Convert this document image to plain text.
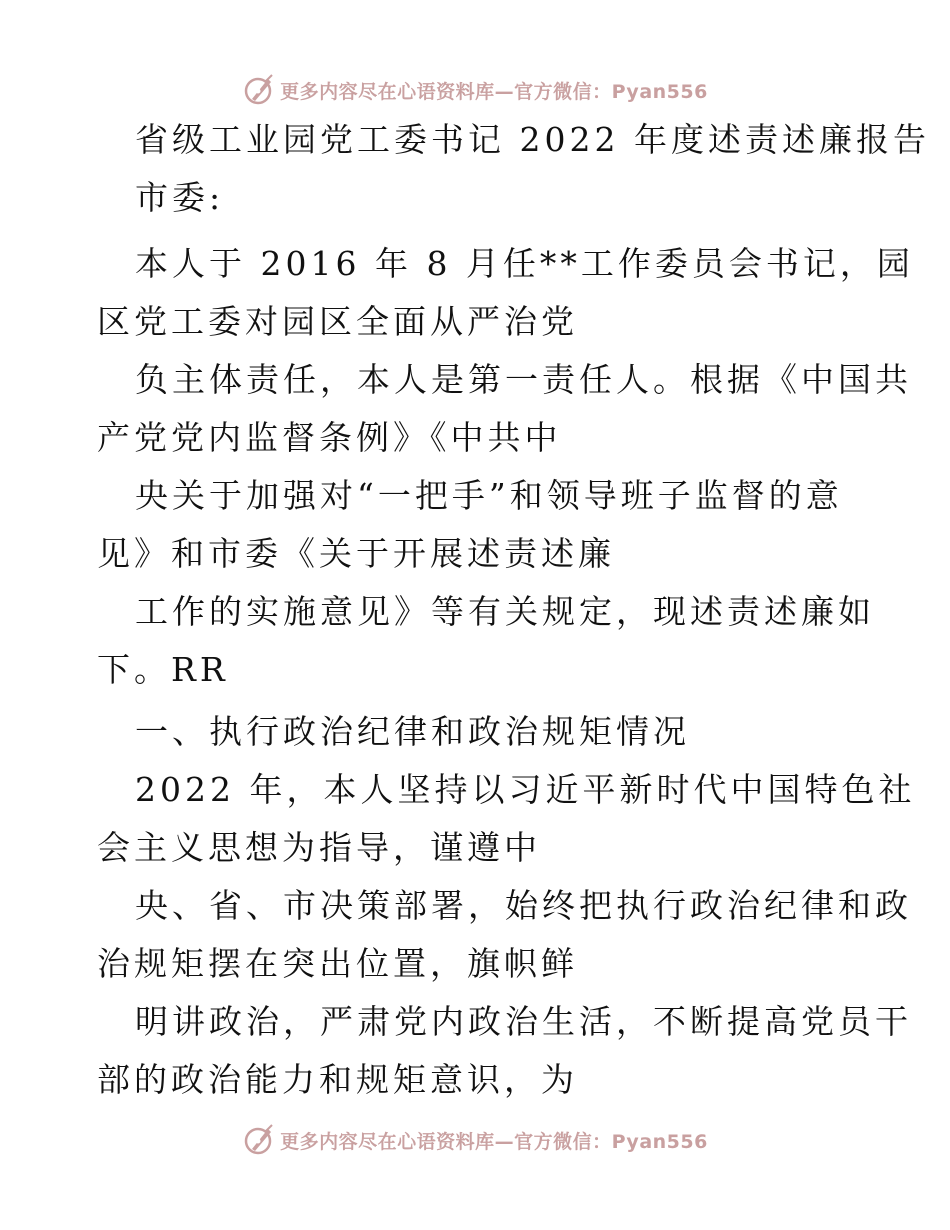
更多内容尽在心语资料库—官方微信：Pyan556
省级工业园党工委书记 2022 年度述责述廉报告
市委:
本人于 2016 年 8 月任**工作委员会书记，园
区党工委对园区全面从严治党
负主体责任，本人是第一责任人。根据《中国共
产党党内监督条例》《中共中
央关于加强对“一把手”和领导班子监督的意
见》和市委《关于开展述责述廉
工作的实施意见》等有关规定，现述责述廉如
下。RR
一、执行政治纪律和政治规矩情况
2022 年，本人坚持以习近平新时代中国特色社
会主义思想为指导，谨遵中
央、省、市决策部署，始终把执行政治纪律和政
治规矩摆在突出位置，旗帜鲜
明讲政治，严肃党内政治生活，不断提高党员干
部的政治能力和规矩意识，为
更多内容尽在心语资料库—官方微信：Pyan556
